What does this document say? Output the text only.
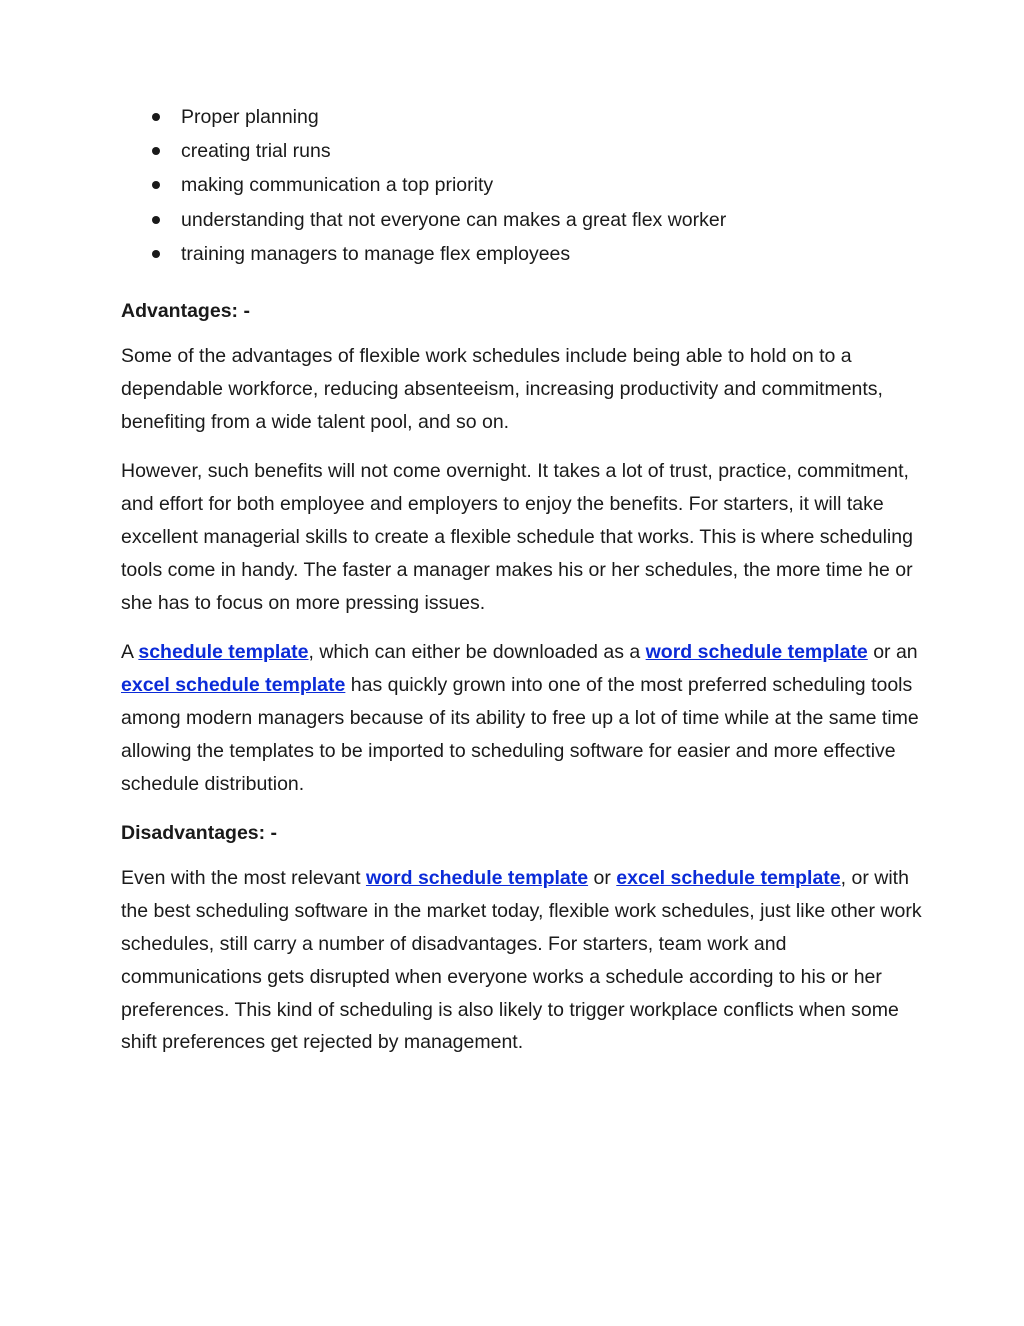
Proper planning
creating trial runs
making communication a top priority
understanding that not everyone can makes a great flex worker
training managers to manage flex employees
Advantages: -

Some of the advantages of flexible work schedules include being able to hold on to a dependable workforce, reducing absenteeism, increasing productivity and commitments, benefiting from a wide talent pool, and so on.

However, such benefits will not come overnight. It takes a lot of trust, practice, commitment, and effort for both employee and employers to enjoy the benefits. For starters, it will take excellent managerial skills to create a flexible schedule that works. This is where scheduling tools come in handy. The faster a manager makes his or her schedules, the more time he or she has to focus on more pressing issues.

A schedule template, which can either be downloaded as a word schedule template or an excel schedule template has quickly grown into one of the most preferred scheduling tools among modern managers because of its ability to free up a lot of time while at the same time allowing the templates to be imported to scheduling software for easier and more effective schedule distribution.

Disadvantages: -

Even with the most relevant word schedule template or excel schedule template, or with the best scheduling software in the market today, flexible work schedules, just like other work schedules, still carry a number of disadvantages. For starters, team work and communications gets disrupted when everyone works a schedule according to his or her preferences. This kind of scheduling is also likely to trigger workplace conflicts when some shift preferences get rejected by management.
